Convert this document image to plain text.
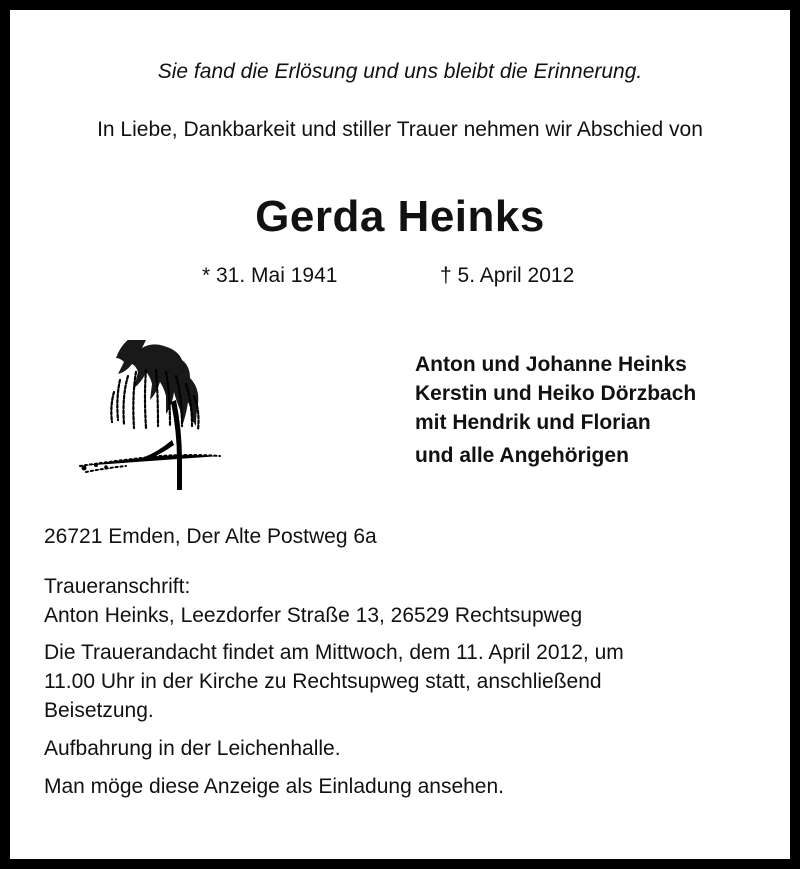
Sie fand die Erlösung und uns bleibt die Erinnerung.
In Liebe, Dankbarkeit und stiller Trauer nehmen wir Abschied von
Gerda Heinks
* 31. Mai 1941	† 5. April 2012
Anton und Johanne Heinks
Kerstin und Heiko Dörzbach
mit Hendrik und Florian
und alle Angehörigen

26721 Emden, Der Alte Postweg 6a

Traueranschrift:
Anton Heinks, Leezdorfer Straße 13, 26529 Rechtsupweg

Die Trauerandacht findet am Mittwoch, dem 11. April 2012, um
11.00 Uhr in der Kirche zu Rechtsupweg statt, anschließend
Beisetzung.

Aufbahrung in der Leichenhalle.

Man möge diese Anzeige als Einladung ansehen.
